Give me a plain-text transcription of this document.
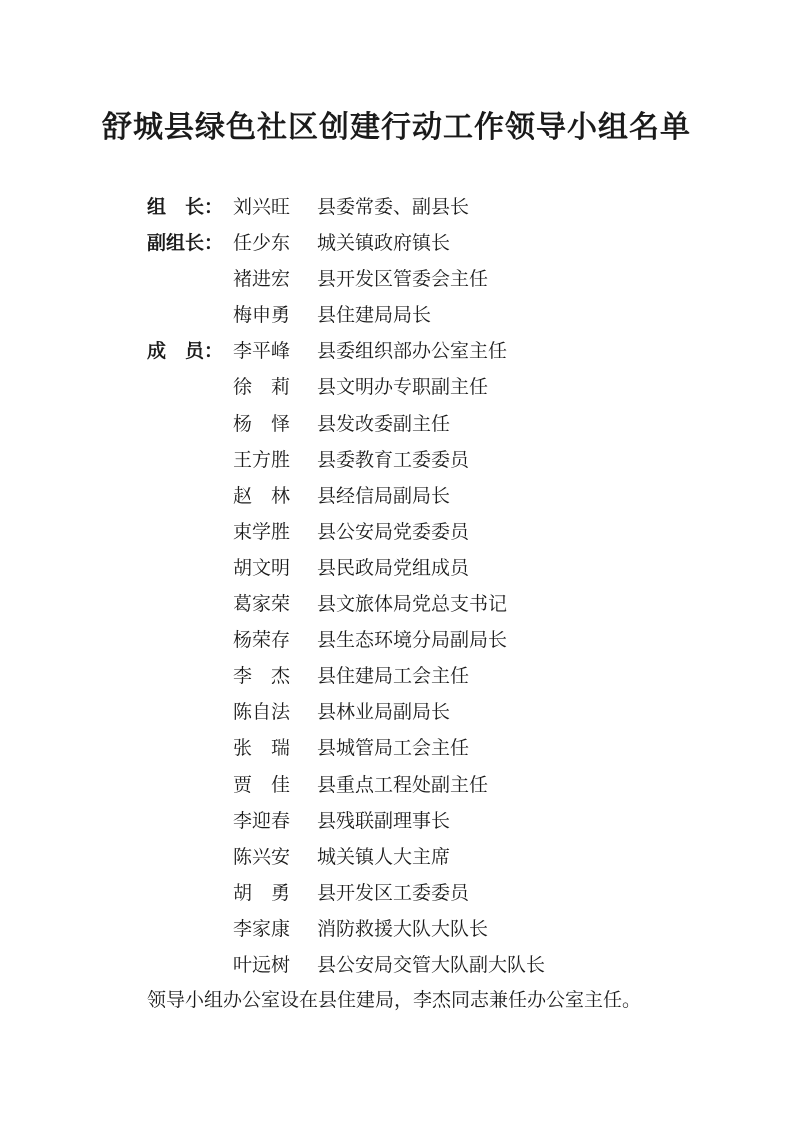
舒城县绿色社区创建行动工作领导小组名单
组　长： 刘兴旺	县委常委、副县长
副组长： 任少东	城关镇政府镇长
褚进宏	县开发区管委会主任
梅申勇	县住建局局长
成　员： 李平峰	县委组织部办公室主任
徐　莉	县文明办专职副主任
杨　怿	县发改委副主任
王方胜	县委教育工委委员
赵　林	县经信局副局长
束学胜	县公安局党委委员
胡文明	县民政局党组成员
葛家荣	县文旅体局党总支书记
杨荣存	县生态环境分局副局长
李　杰	县住建局工会主任
陈自法	县林业局副局长
张　瑞	县城管局工会主任
贾　佳	县重点工程处副主任
李迎春	县残联副理事长
陈兴安	城关镇人大主席
胡　勇	县开发区工委委员
李家康	消防救援大队大队长
叶远树	县公安局交管大队副大队长
领导小组办公室设在县住建局，李杰同志兼任办公室主任。
